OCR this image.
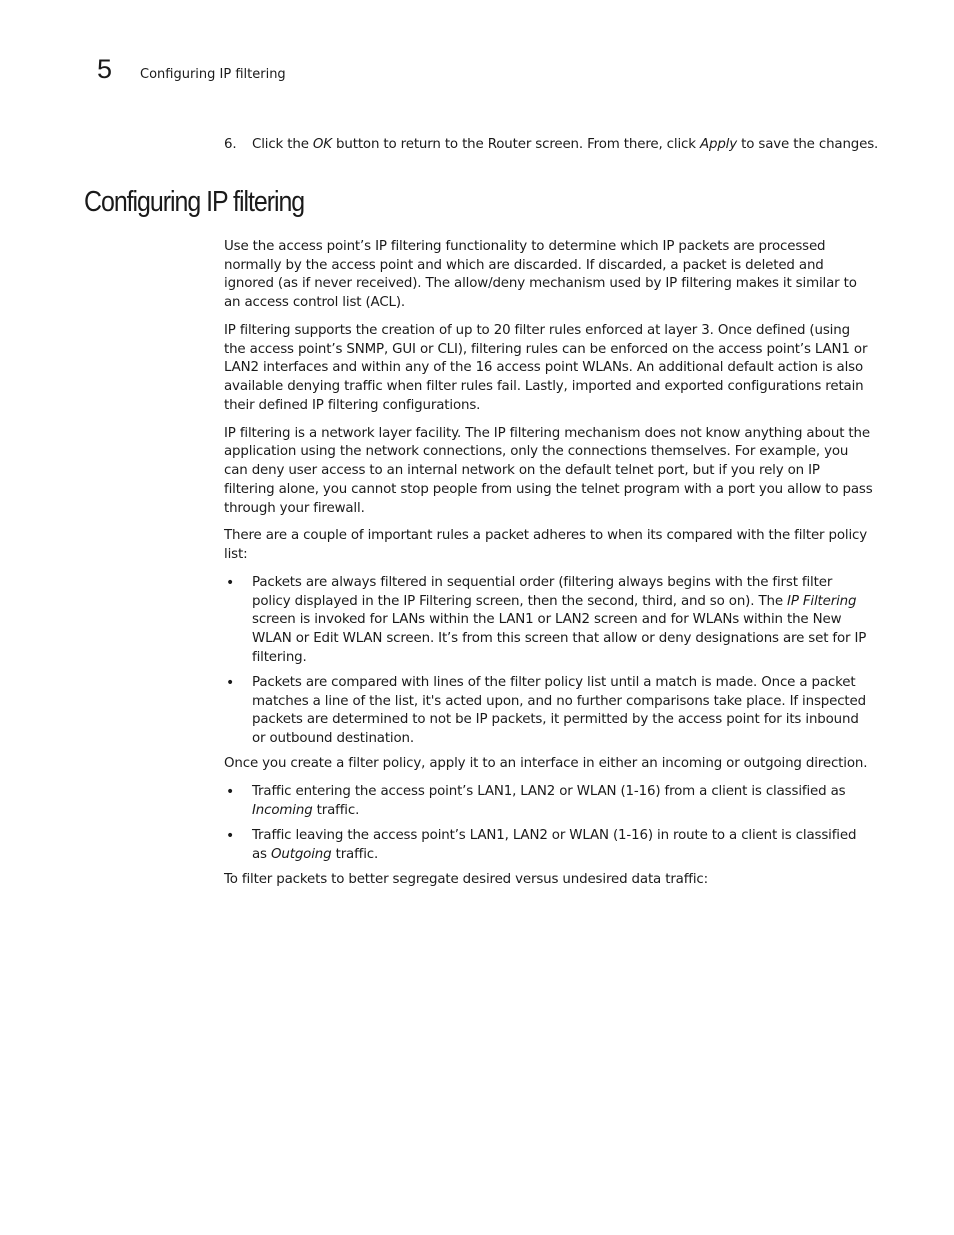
5	Configuring IP filtering
6. Click the OK button to return to the Router screen. From there, click Apply to save the changes.
Configuring IP filtering

Use the access point’s IP filtering functionality to determine which IP packets are processed normally by the access point and which are discarded. If discarded, a packet is deleted and ignored (as if never received). The allow/deny mechanism used by IP filtering makes it similar to an access control list (ACL).

IP filtering supports the creation of up to 20 filter rules enforced at layer 3. Once defined (using the access point’s SNMP, GUI or CLI), filtering rules can be enforced on the access point’s LAN1 or LAN2 interfaces and within any of the 16 access point WLANs. An additional default action is also available denying traffic when filter rules fail. Lastly, imported and exported configurations retain their defined IP filtering configurations.

IP filtering is a network layer facility. The IP filtering mechanism does not know anything about the application using the network connections, only the connections themselves. For example, you can deny user access to an internal network on the default telnet port, but if you rely on IP filtering alone, you cannot stop people from using the telnet program with a port you allow to pass through your firewall.

There are a couple of important rules a packet adheres to when its compared with the filter policy list:

• Packets are always filtered in sequential order (filtering always begins with the first filter policy displayed in the IP Filtering screen, then the second, third, and so on). The IP Filtering screen is invoked for LANs within the LAN1 or LAN2 screen and for WLANs within the New WLAN or Edit WLAN screen. It’s from this screen that allow or deny designations are set for IP filtering.
• Packets are compared with lines of the filter policy list until a match is made. Once a packet matches a line of the list, it's acted upon, and no further comparisons take place. If inspected packets are determined to not be IP packets, it permitted by the access point for its inbound or outbound destination.

Once you create a filter policy, apply it to an interface in either an incoming or outgoing direction.

• Traffic entering the access point’s LAN1, LAN2 or WLAN (1-16) from a client is classified as Incoming traffic.
• Traffic leaving the access point’s LAN1, LAN2 or WLAN (1-16) in route to a client is classified as Outgoing traffic.

To filter packets to better segregate desired versus undesired data traffic:
